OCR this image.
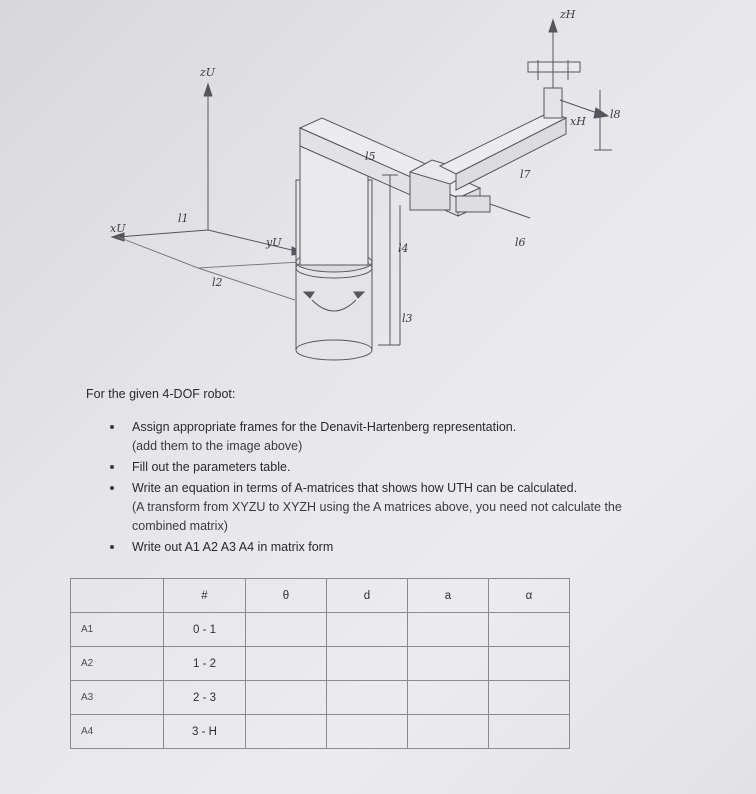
zU
xU
yU
l1
l2
l3
l4
l5
l6
l7
l8
zH
xH

For the given 4-DOF robot:

Assign appropriate frames for the Denavit-Hartenberg representation.
(add them to the image above)
Fill out the parameters table.
Write an equation in terms of A-matrices that shows how UTH can be calculated.
(A transform from XYZU to XYZH using the A matrices above, you need not calculate the combined matrix)
Write out A1 A2 A3 A4 in matrix form
	#	θ	d	a	α
A1	0 - 1				
A2	1 - 2				
A3	2 - 3				
A4	3 - H				
